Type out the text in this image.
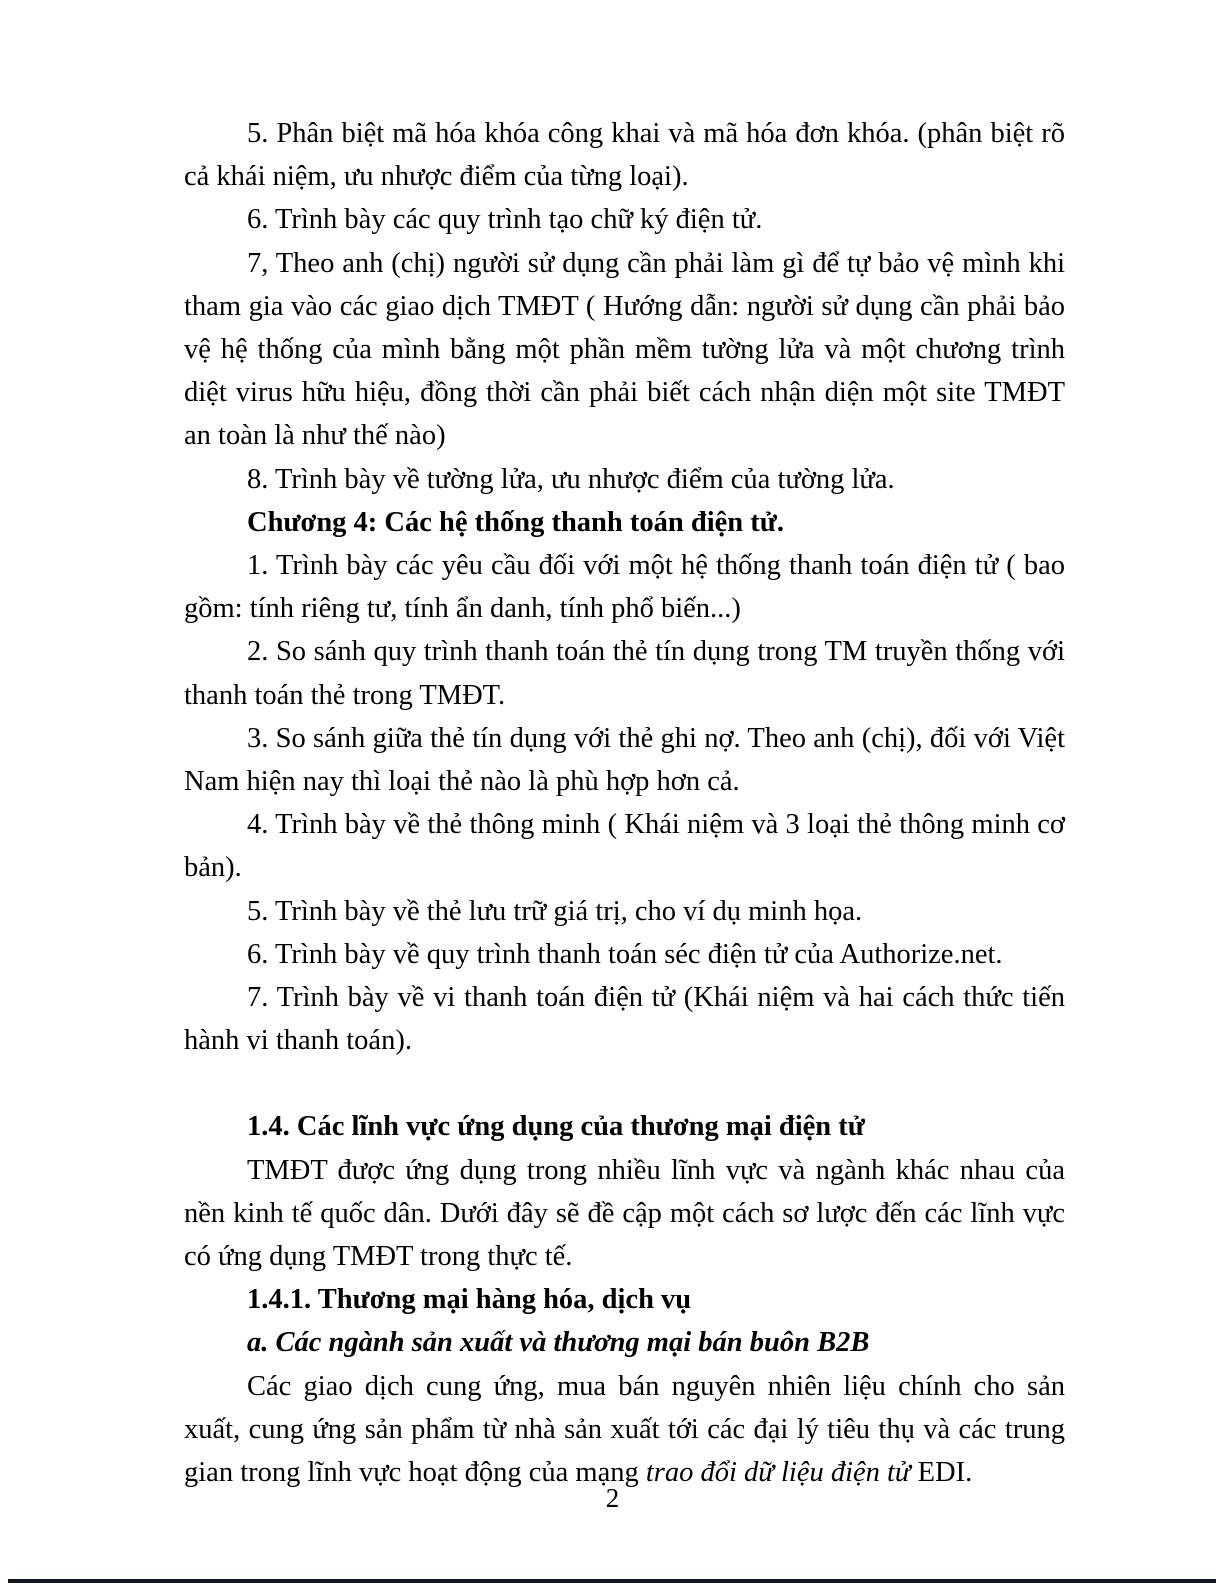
5. Phân biệt mã hóa khóa công khai và mã hóa đơn khóa. (phân biệt rõ cả khái niệm, ưu nhược điểm của từng loại).

6. Trình bày các quy trình tạo chữ ký điện tử.

7, Theo anh (chị) người sử dụng cần phải làm gì để tự bảo vệ mình khi tham gia vào các giao dịch TMĐT ( Hướng dẫn: người sử dụng cần phải bảo vệ hệ thống của mình bằng một phần mềm tường lửa và một chương trình diệt virus hữu hiệu, đồng thời cần phải biết cách nhận diện một site TMĐT an toàn là như thế nào)

8. Trình bày về tường lửa, ưu nhược điểm của tường lửa.

Chương 4: Các hệ thống thanh toán điện tử.

1. Trình bày các yêu cầu đối với một hệ thống thanh toán điện tử ( bao gồm: tính riêng tư, tính ẩn danh, tính phổ biến...)

2. So sánh quy trình thanh toán thẻ tín dụng trong TM truyền thống với thanh toán thẻ trong TMĐT.

3. So sánh giữa thẻ tín dụng với thẻ ghi nợ. Theo anh (chị), đối với Việt Nam hiện nay thì loại thẻ nào là phù hợp hơn cả.

4. Trình bày về thẻ thông minh ( Khái niệm và 3 loại thẻ thông minh cơ bản).

5. Trình bày về thẻ lưu trữ giá trị, cho ví dụ minh họa.

6. Trình bày về quy trình thanh toán séc điện tử của Authorize.net.

7. Trình bày về vi thanh toán điện tử (Khái niệm và hai cách thức tiến hành vi thanh toán).

1.4. Các lĩnh vực ứng dụng của thương mại điện tử

TMĐT được ứng dụng trong nhiều lĩnh vực và ngành khác nhau của nền kinh tế quốc dân. Dưới đây sẽ đề cập một cách sơ lược đến các lĩnh vực có ứng dụng TMĐT trong thực tế.

1.4.1. Thương mại hàng hóa, dịch vụ

a. Các ngành sản xuất và thương mại bán buôn B2B

Các giao dịch cung ứng, mua bán nguyên nhiên liệu chính cho sản xuất, cung ứng sản phẩm từ nhà sản xuất tới các đại lý tiêu thụ và các trung gian trong lĩnh vực hoạt động của mạng trao đổi dữ liệu điện tử EDI.

2
